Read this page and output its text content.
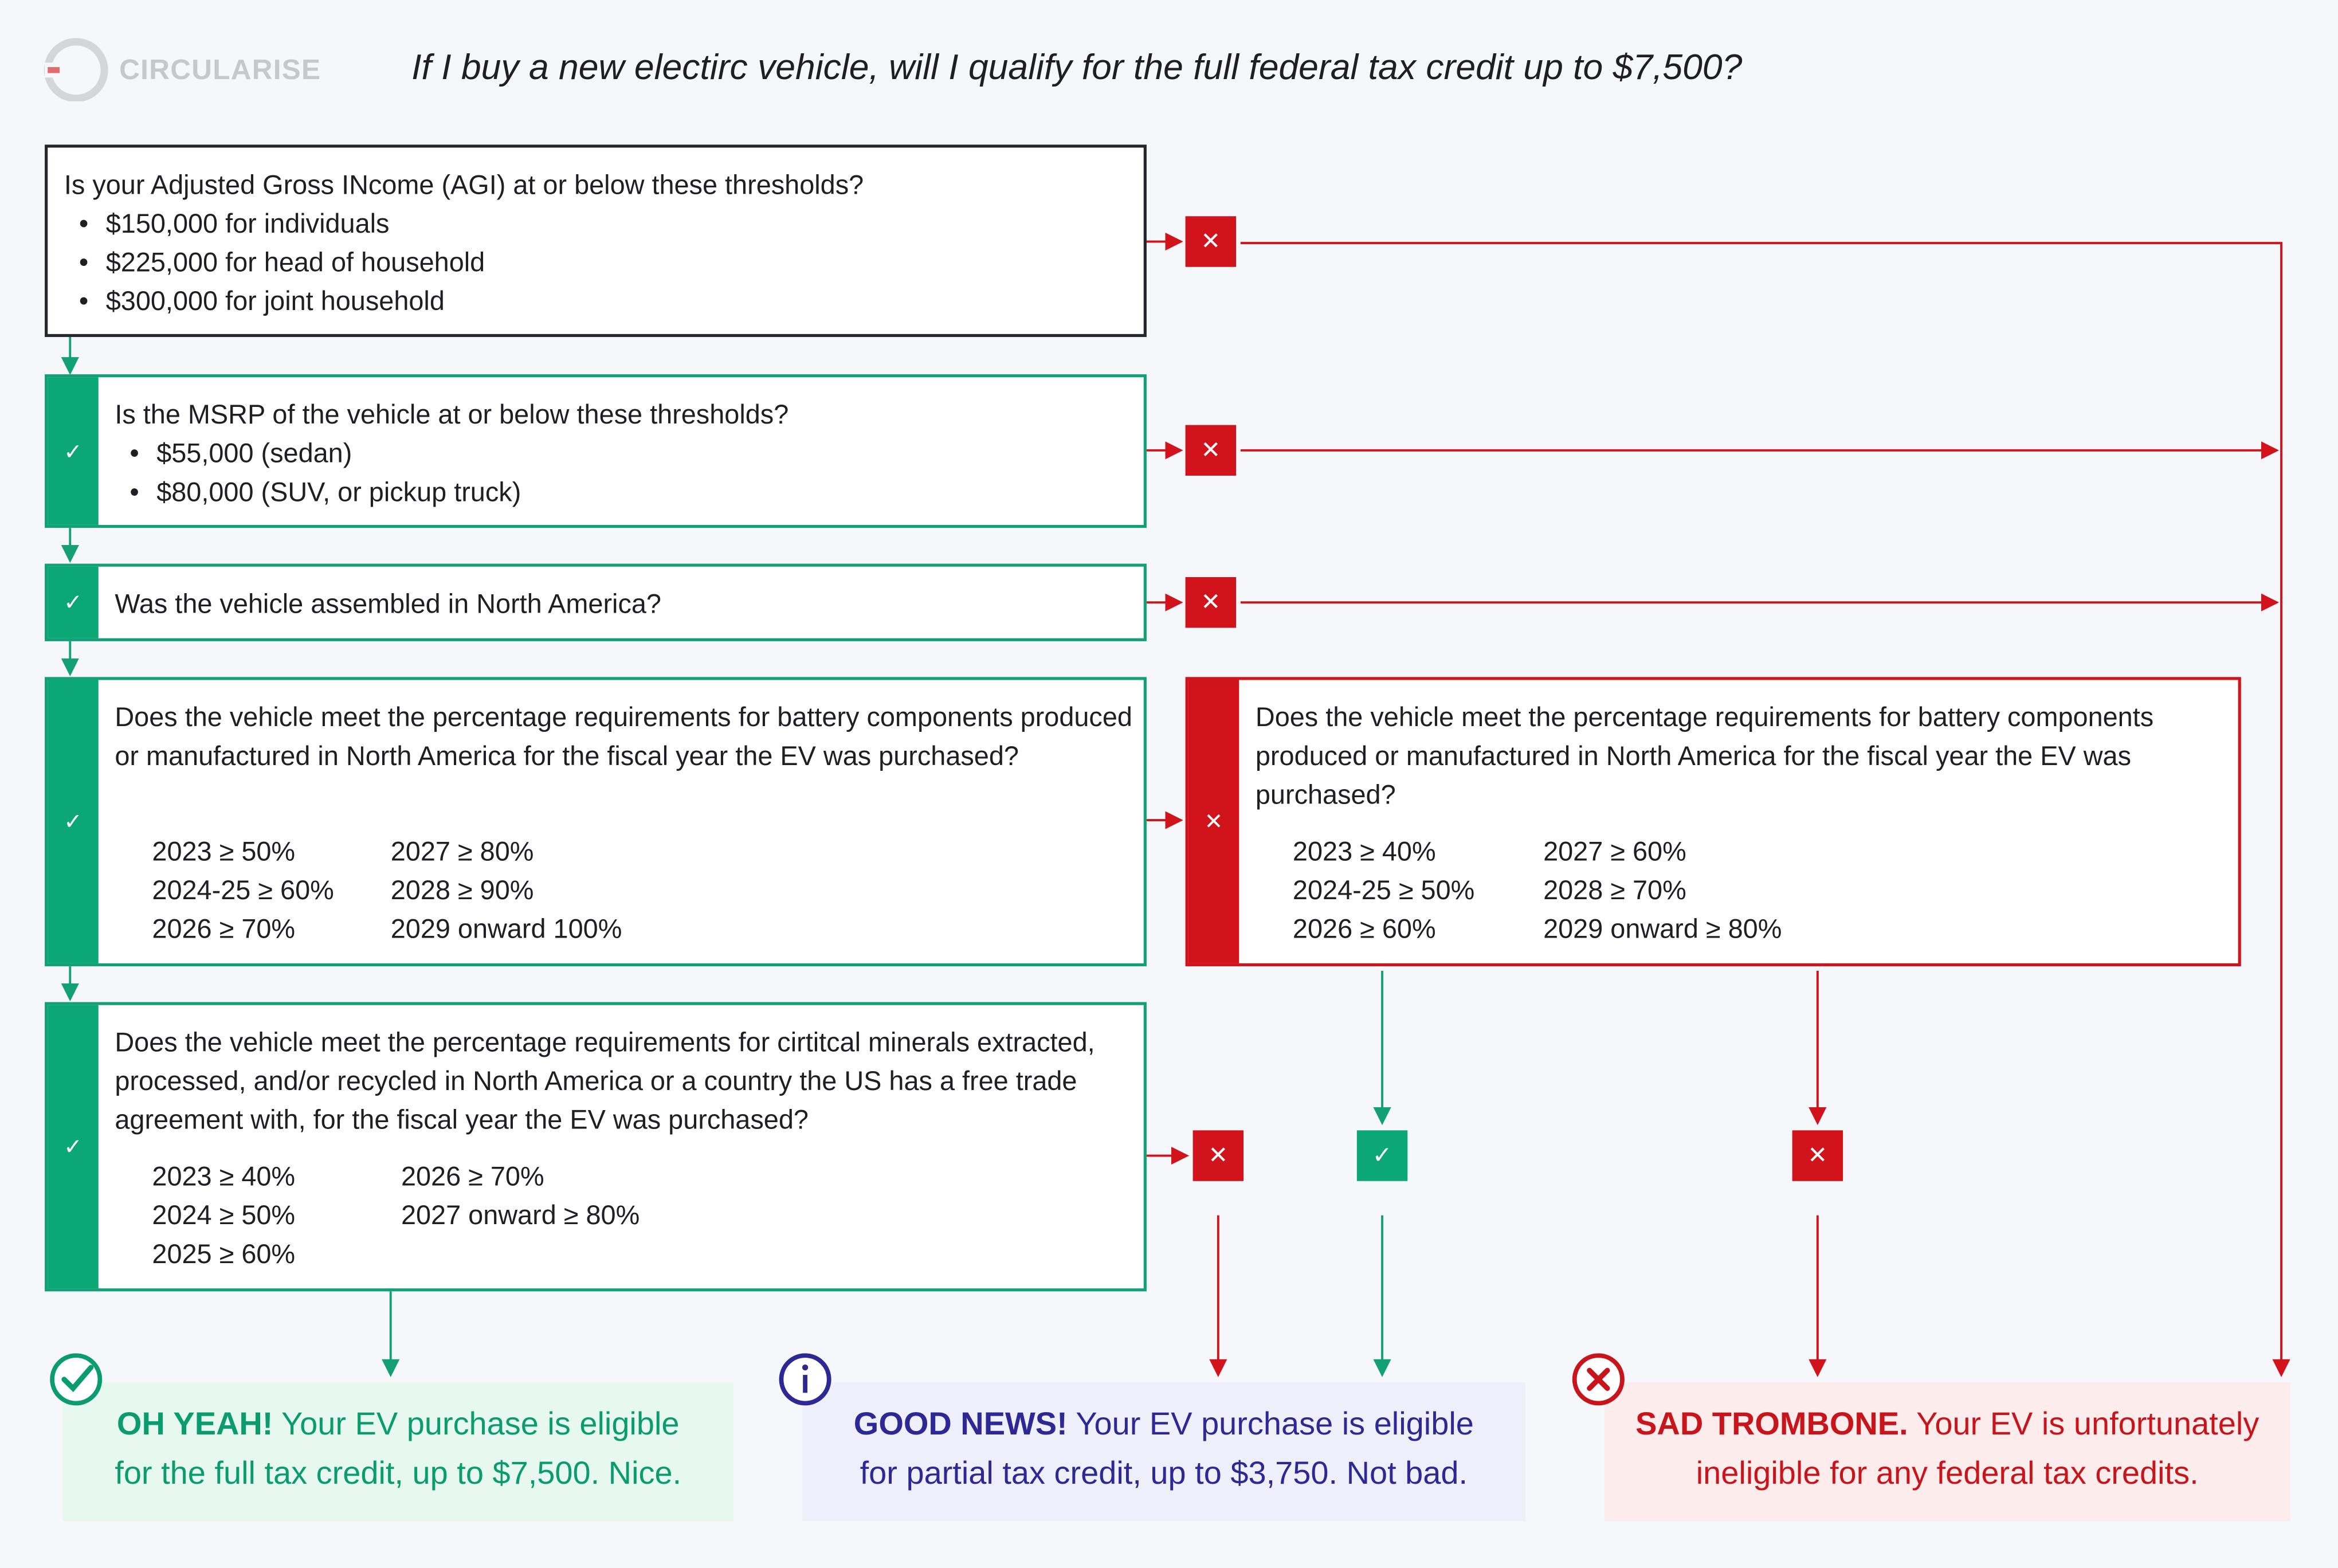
CIRCULARISE	If I buy a new electirc vehicle, will I qualify for the full federal tax credit up to $7,500?
Is your Adjusted Gross INcome (AGI) at or below these thresholds?
• $150,000 for individuals
• $225,000 for head of household
• $300,000 for joint household
✓
Is the MSRP of the vehicle at or below these thresholds?
• $55,000 (sedan)
• $80,000 (SUV, or pickup truck)
✓	Was the vehicle assembled in North America?
✓
Does the vehicle meet the percentage requirements for battery components produced or manufactured in North America for the fiscal year the EV was purchased?
2023 ≥ 50%	2027 ≥ 80%
2024-25 ≥ 60%	2028 ≥ 90%
2026 ≥ 70%	2029 onward 100%
✕
Does the vehicle meet the percentage requirements for battery components produced or manufactured in North America for the fiscal year the EV was purchased?
2023 ≥ 40%	2027 ≥ 60%
2024-25 ≥ 50%	2028 ≥ 70%
2026 ≥ 60%	2029 onward ≥ 80%
✓
Does the vehicle meet the percentage requirements for cirtitcal minerals extracted, processed, and/or recycled in North America or a country the US has a free trade agreement with, for the fiscal year the EV was purchased?
2023 ≥ 40%	2026 ≥ 70%
2024 ≥ 50%	2027 onward ≥ 80%
2025 ≥ 60%
✕
✕
✕
✕	✓	✕
OH YEAH! Your EV purchase is eligible
for the full tax credit, up to $7,500. Nice.
GOOD NEWS! Your EV purchase is eligible
for partial tax credit, up to $3,750. Not bad.
SAD TROMBONE. Your EV is unfortunately
ineligible for any federal tax credits.
